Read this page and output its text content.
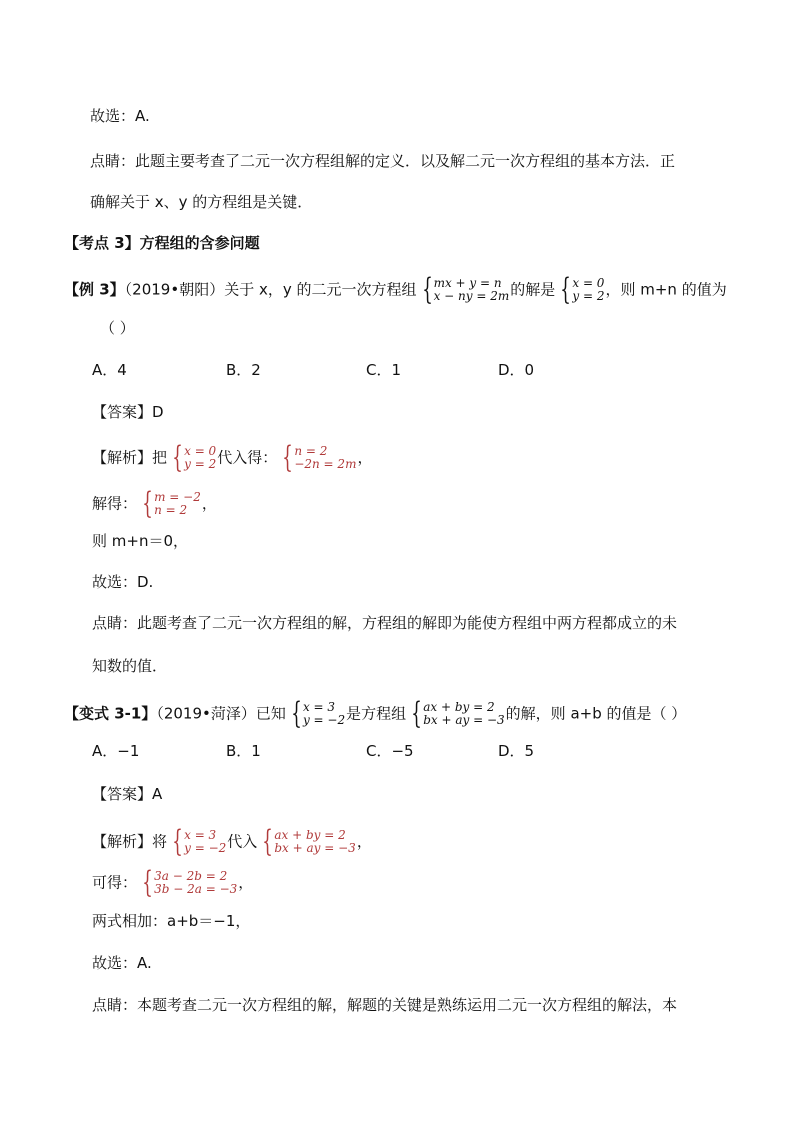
故选：A.
点睛：此题主要考查了二元一次方程组解的定义．以及解二元一次方程组的基本方法．正
确解关于 x、y 的方程组是关键．
【考点 3】方程组的含参问题
【例 3】（2019•朝阳）关于 x，y 的二元一次方程组 { mx + y = n
x − ny = 2m 的解是 { x = 0
y = 2 ，则 m+n 的值为
（ ）
A．4	B．2	C．1	D．0
【答案】D
【解析】把 { x = 0
y = 2 代入得： { n = 2
−2n = 2m ，
解得： { m = −2
n = 2 ，
则 m+n＝0，
故选：D.
点睛：此题考查了二元一次方程组的解，方程组的解即为能使方程组中两方程都成立的未
知数的值．
【变式 3-1】（2019•菏泽）已知 { x = 3
y = −2 是方程组 { ax + by = 2
bx + ay = −3 的解，则 a+b 的值是（ ）
A．−1	B．1	C．−5	D．5
【答案】A
【解析】将 { x = 3
y = −2 代入 { ax + by = 2
bx + ay = −3 ，
可得： { 3a − 2b = 2
3b − 2a = −3 ，
两式相加：a+b＝−1，
故选：A.
点睛：本题考查二元一次方程组的解，解题的关键是熟练运用二元一次方程组的解法，本
